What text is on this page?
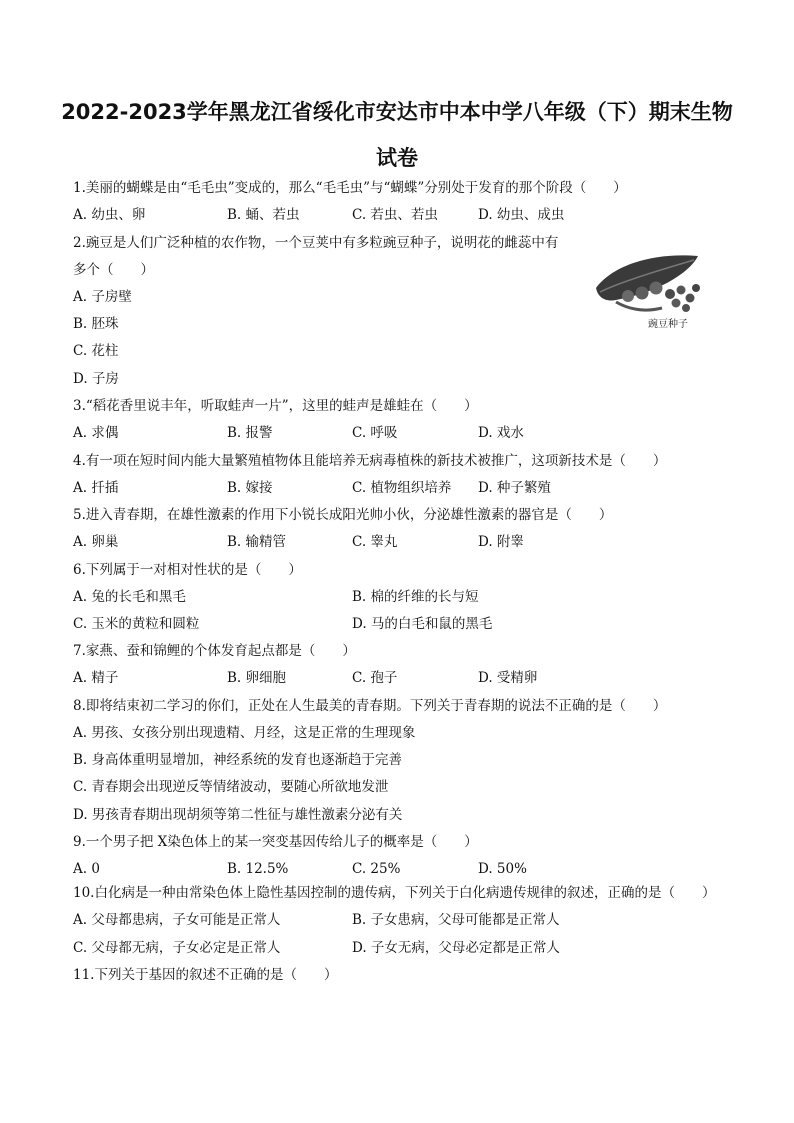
2022-2023学年黑龙江省绥化市安达市中本中学八年级（下）期末生物
试卷
1.美丽的蝴蝶是由“毛毛虫”变成的，那么“毛毛虫”与“蝴蝶”分别处于发育的那个阶段（　　）
A. 幼虫、卵	B. 蛹、若虫	C. 若虫、若虫	D. 幼虫、成虫
2.豌豆是人们广泛种植的农作物，一个豆荚中有多粒豌豆种子，说明花的雌蕊中有
多个（　　）
A. 子房壁
B. 胚珠
C. 花柱
D. 子房
豌豆种子
3.“稻花香里说丰年，听取蛙声一片”，这里的蛙声是雄蛙在（　　）
A. 求偶	B. 报警	C. 呼吸	D. 戏水
4.有一项在短时间内能大量繁殖植物体且能培养无病毒植株的新技术被推广，这项新技术是（　　）
A. 扦插	B. 嫁接	C. 植物组织培养 D. 种子繁殖
5.进入青春期，在雄性激素的作用下小锐长成阳光帅小伙，分泌雄性激素的器官是（　　）
A. 卵巢	B. 输精管	C. 睾丸	D. 附睾
6.下列属于一对相对性状的是（　　）
A. 兔的长毛和黑毛	B. 棉的纤维的长与短
C. 玉米的黄粒和圆粒	D. 马的白毛和鼠的黑毛
7.家燕、蚕和锦鲤的个体发育起点都是（　　）
A. 精子	B. 卵细胞	C. 孢子	D. 受精卵
8.即将结束初二学习的你们，正处在人生最美的青春期。下列关于青春期的说法不正确的是（　　）
A. 男孩、女孩分别出现遗精、月经，这是正常的生理现象
B. 身高体重明显增加，神经系统的发育也逐渐趋于完善
C. 青春期会出现逆反等情绪波动，要随心所欲地发泄
D. 男孩青春期出现胡须等第二性征与雄性激素分泌有关
9.一个男子把 X染色体上的某一突变基因传给儿子的概率是（　　）
A. 0	B. 12.5%	C. 25%	D. 50%
10.白化病是一种由常染色体上隐性基因控制的遗传病，下列关于白化病遗传规律的叙述，正确的是（　　）
A. 父母都患病，子女可能是正常人	B. 子女患病，父母可能都是正常人
C. 父母都无病，子女必定是正常人	D. 子女无病，父母必定都是正常人
11.下列关于基因的叙述不正确的是（　　）
